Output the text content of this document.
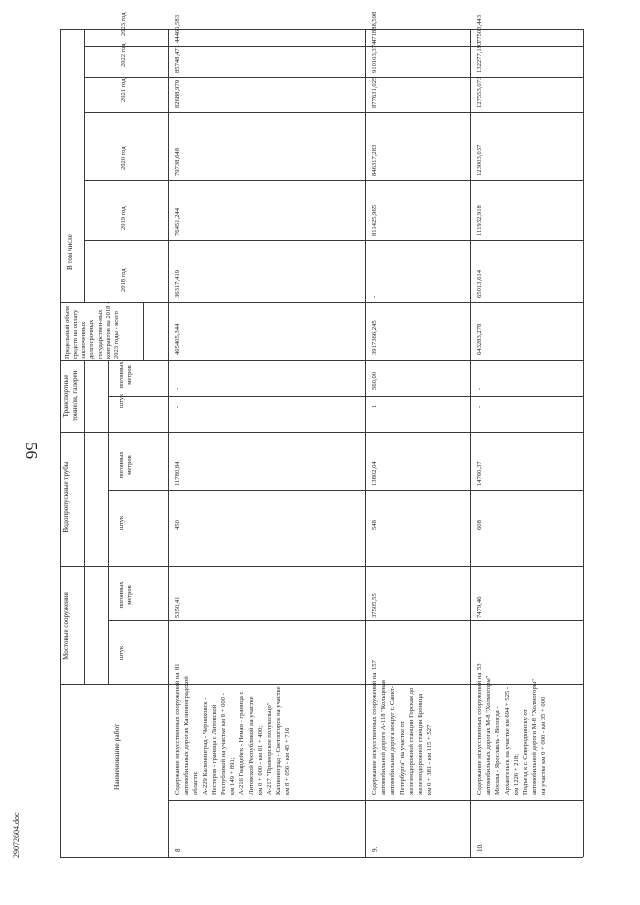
56
29072604.doc
Наименование работ
Мостовые сооружения
Водопропускные трубы
Транспортные тоннели, галереи
Предельный объем средств на оплату заключенных долгосрочных государствен-ных контрактов на 2018 - 2023 годы - всего
В том числе
штук
погонных метров
штук
погонных метров
штук
погонных метров
2018 год
2019 год
2020 год
2021 год
2022 год
2023 год
8
Содержание искусственных сооружений на автомобильных дорогах Калининградской области: А-229 Калининград - Черняховск - Нестеров - граница с Литовской Республикой на участке км 8 + 000 - км 149 + 891; А-216 Гвардейск - Неман - граница с Литовской Республикой на участке км 0 + 000 - км 61 + 400; А-217 "Приморское полукольцо" Калининград - Светлогорск на участке км 8 + 056 - км 45 + 716
81
5350,41
450
11780,84
-
-
405405,344
36317,419
76451,244
79738,648
82688,979
85748,471
44460,583
9.
Содержание искусственных сооружений на автомобильной дороге А-118 "Кольцевая автомобильная дорога вокруг г. Санкт- Петербурга" на участке от железнодорожной станции Горская до железнодорожной станции Броница км 0 + 381 - км 115 + 527
157
37505,55
548
13802,04
1
560,00
3917366,245
-
811425,965
846317,283
877631,025
910103,374
471888,598
10.
Содержание искусственных сооружений на автомобильных дорогах М-8 "Холмогоры" Москва - Ярославль - Вологда - Архангельск на участке км 694 + 525 - км 1226 + 218; Подъезд к г. Северодвинску от автомобильной дороги М-8 "Холмогоры" на участке км 0 + 000 - км 35 + 000
53
7479,46
608
14760,37
-
-
643283,278
65013,614
111932,918
123003,037
127553,073
132277,193
77503,443
